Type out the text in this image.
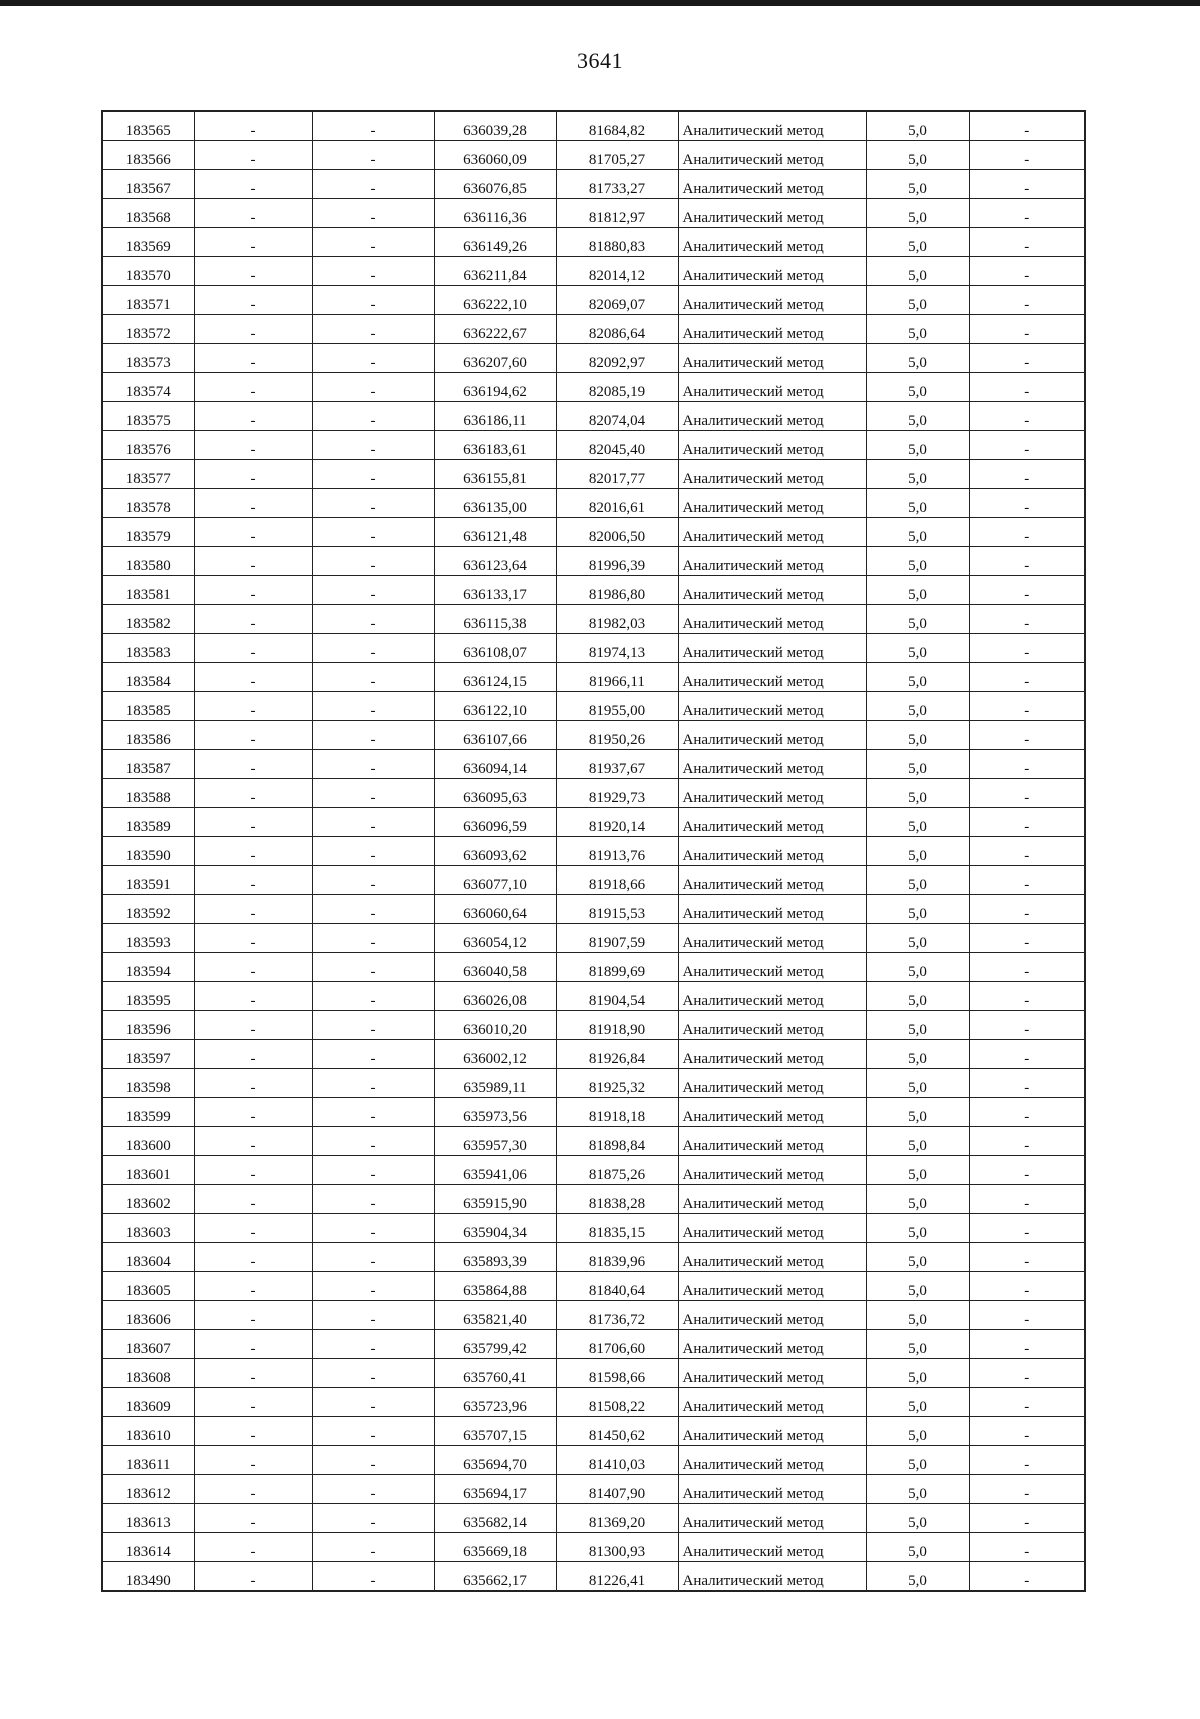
3641
183565	-	-	636039,28	81684,82	Аналитический метод	5,0	-
183566	-	-	636060,09	81705,27	Аналитический метод	5,0	-
183567	-	-	636076,85	81733,27	Аналитический метод	5,0	-
183568	-	-	636116,36	81812,97	Аналитический метод	5,0	-
183569	-	-	636149,26	81880,83	Аналитический метод	5,0	-
183570	-	-	636211,84	82014,12	Аналитический метод	5,0	-
183571	-	-	636222,10	82069,07	Аналитический метод	5,0	-
183572	-	-	636222,67	82086,64	Аналитический метод	5,0	-
183573	-	-	636207,60	82092,97	Аналитический метод	5,0	-
183574	-	-	636194,62	82085,19	Аналитический метод	5,0	-
183575	-	-	636186,11	82074,04	Аналитический метод	5,0	-
183576	-	-	636183,61	82045,40	Аналитический метод	5,0	-
183577	-	-	636155,81	82017,77	Аналитический метод	5,0	-
183578	-	-	636135,00	82016,61	Аналитический метод	5,0	-
183579	-	-	636121,48	82006,50	Аналитический метод	5,0	-
183580	-	-	636123,64	81996,39	Аналитический метод	5,0	-
183581	-	-	636133,17	81986,80	Аналитический метод	5,0	-
183582	-	-	636115,38	81982,03	Аналитический метод	5,0	-
183583	-	-	636108,07	81974,13	Аналитический метод	5,0	-
183584	-	-	636124,15	81966,11	Аналитический метод	5,0	-
183585	-	-	636122,10	81955,00	Аналитический метод	5,0	-
183586	-	-	636107,66	81950,26	Аналитический метод	5,0	-
183587	-	-	636094,14	81937,67	Аналитический метод	5,0	-
183588	-	-	636095,63	81929,73	Аналитический метод	5,0	-
183589	-	-	636096,59	81920,14	Аналитический метод	5,0	-
183590	-	-	636093,62	81913,76	Аналитический метод	5,0	-
183591	-	-	636077,10	81918,66	Аналитический метод	5,0	-
183592	-	-	636060,64	81915,53	Аналитический метод	5,0	-
183593	-	-	636054,12	81907,59	Аналитический метод	5,0	-
183594	-	-	636040,58	81899,69	Аналитический метод	5,0	-
183595	-	-	636026,08	81904,54	Аналитический метод	5,0	-
183596	-	-	636010,20	81918,90	Аналитический метод	5,0	-
183597	-	-	636002,12	81926,84	Аналитический метод	5,0	-
183598	-	-	635989,11	81925,32	Аналитический метод	5,0	-
183599	-	-	635973,56	81918,18	Аналитический метод	5,0	-
183600	-	-	635957,30	81898,84	Аналитический метод	5,0	-
183601	-	-	635941,06	81875,26	Аналитический метод	5,0	-
183602	-	-	635915,90	81838,28	Аналитический метод	5,0	-
183603	-	-	635904,34	81835,15	Аналитический метод	5,0	-
183604	-	-	635893,39	81839,96	Аналитический метод	5,0	-
183605	-	-	635864,88	81840,64	Аналитический метод	5,0	-
183606	-	-	635821,40	81736,72	Аналитический метод	5,0	-
183607	-	-	635799,42	81706,60	Аналитический метод	5,0	-
183608	-	-	635760,41	81598,66	Аналитический метод	5,0	-
183609	-	-	635723,96	81508,22	Аналитический метод	5,0	-
183610	-	-	635707,15	81450,62	Аналитический метод	5,0	-
183611	-	-	635694,70	81410,03	Аналитический метод	5,0	-
183612	-	-	635694,17	81407,90	Аналитический метод	5,0	-
183613	-	-	635682,14	81369,20	Аналитический метод	5,0	-
183614	-	-	635669,18	81300,93	Аналитический метод	5,0	-
183490	-	-	635662,17	81226,41	Аналитический метод	5,0	-
